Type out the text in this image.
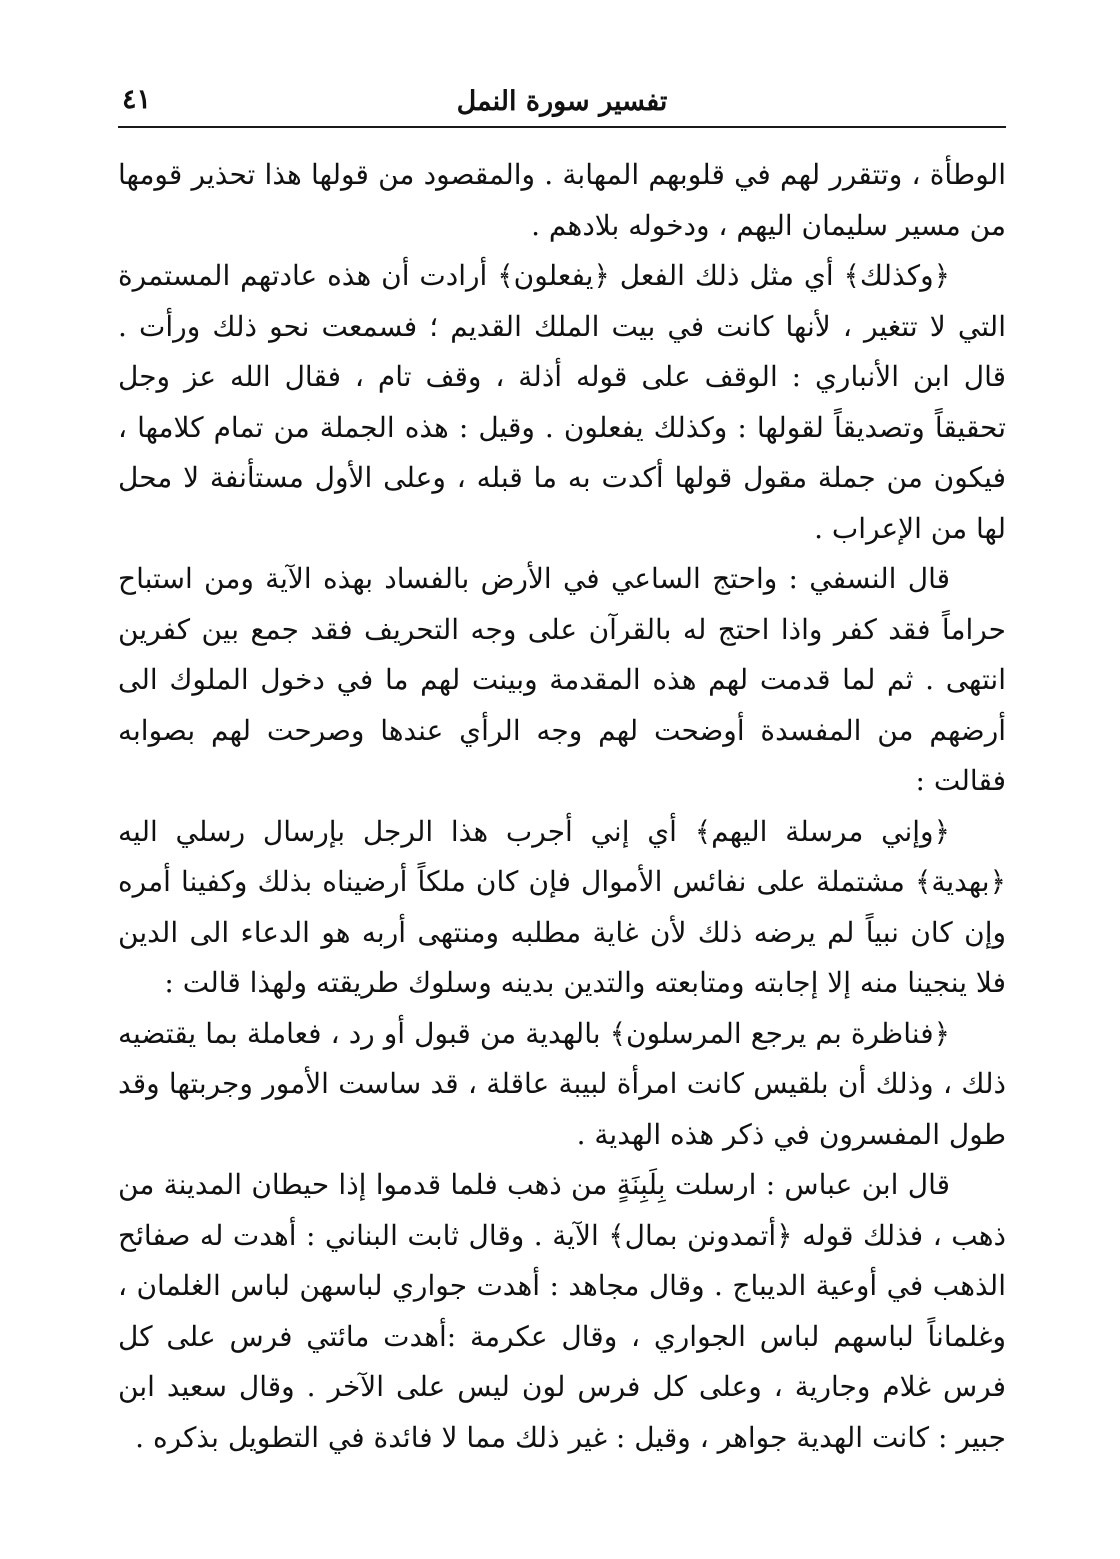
تفسير سورة النمل
٤١

الوطأة ، وتتقرر لهم في قلوبهم المهابة . والمقصود من قولها هذا تحذير قومها من مسير سليمان اليهم ، ودخوله بلادهم .

﴿وكذلك﴾ أي مثل ذلك الفعل ﴿يفعلون﴾ أرادت أن هذه عادتهم المستمرة التي لا تتغير ، لأنها كانت في بيت الملك القديم ؛ فسمعت نحو ذلك ورأت . قال ابن الأنباري : الوقف على قوله أذلة ، وقف تام ، فقال الله عز وجل تحقيقاً وتصديقاً لقولها : وكذلك يفعلون . وقيل : هذه الجملة من تمام كلامها ، فيكون من جملة مقول قولها أكدت به ما قبله ، وعلى الأول مستأنفة لا محل لها من الإعراب .

قال النسفي : واحتج الساعي في الأرض بالفساد بهذه الآية ومن استباح حراماً فقد كفر واذا احتج له بالقرآن على وجه التحريف فقد جمع بين كفرين انتهى . ثم لما قدمت لهم هذه المقدمة وبينت لهم ما في دخول الملوك الى أرضهم من المفسدة أوضحت لهم وجه الرأي عندها وصرحت لهم بصوابه فقالت :

﴿وإني مرسلة اليهم﴾ أي إني أجرب هذا الرجل بإرسال رسلي اليه ﴿بهدية﴾ مشتملة على نفائس الأموال فإن كان ملكاً أرضيناه بذلك وكفينا أمره وإن كان نبياً لم يرضه ذلك لأن غاية مطلبه ومنتهى أربه هو الدعاء الى الدين فلا ينجينا منه إلا إجابته ومتابعته والتدين بدينه وسلوك طريقته ولهذا قالت :

﴿فناظرة بم يرجع المرسلون﴾ بالهدية من قبول أو رد ، فعاملة بما يقتضيه ذلك ، وذلك أن بلقيس كانت امرأة لبيبة عاقلة ، قد ساست الأمور وجربتها وقد طول المفسرون في ذكر هذه الهدية .

قال ابن عباس : ارسلت بِلَبِنَةٍ من ذهب فلما قدموا إذا حيطان المدينة من ذهب ، فذلك قوله ﴿أتمدونن بمال﴾ الآية . وقال ثابت البناني : أهدت له صفائح الذهب في أوعية الديباج . وقال مجاهد : أهدت جواري لباسهن لباس الغلمان ، وغلماناً لباسهم لباس الجواري ، وقال عكرمة :أهدت مائتي فرس على كل فرس غلام وجارية ، وعلى كل فرس لون ليس على الآخر . وقال سعيد ابن جبير : كانت الهدية جواهر ، وقيل : غير ذلك مما لا فائدة في التطويل بذكره .
